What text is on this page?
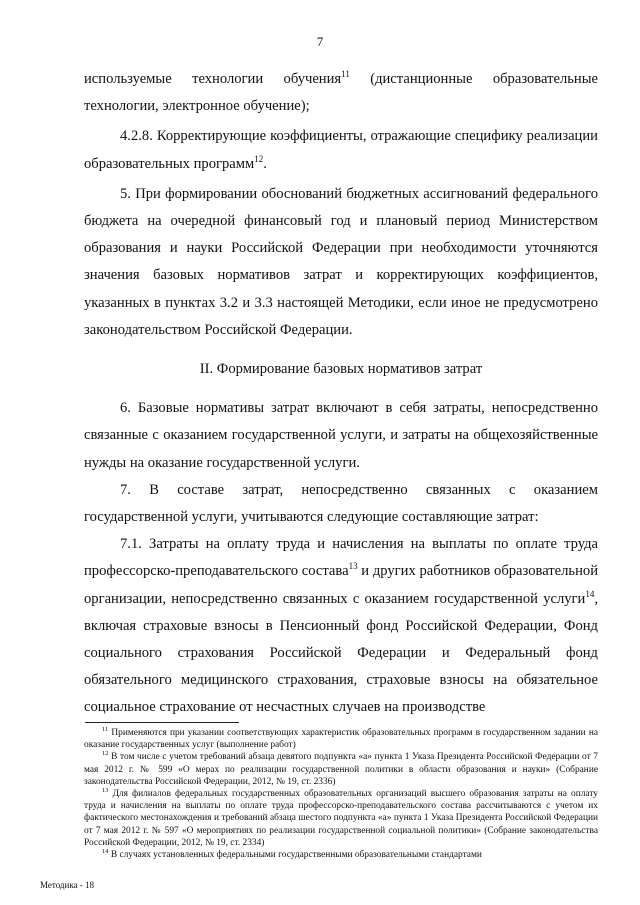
7

используемые технологии обучения$^{11}$ (дистанционные образовательные технологии, электронное обучение);

4.2.8. Корректирующие коэффициенты, отражающие специфику реализации образовательных программ$^{12}$.

5. При формировании обоснований бюджетных ассигнований федерального бюджета на очередной финансовый год и плановый период Министерством образования и науки Российской Федерации при необходимости уточняются значения базовых нормативов затрат и корректирующих коэффициентов, указанных в пунктах 3.2 и 3.3 настоящей Методики, если иное не предусмотрено законодательством Российской Федерации.

II. Формирование базовых нормативов затрат

6. Базовые нормативы затрат включают в себя затраты, непосредственно связанные с оказанием государственной услуги, и затраты на общехозяйственные нужды на оказание государственной услуги.

7. В составе затрат, непосредственно связанных с оказанием государственной услуги, учитываются следующие составляющие затрат:

7.1. Затраты на оплату труда и начисления на выплаты по оплате труда профессорско-преподавательского состава$^{13}$ и других работников образовательной организации, непосредственно связанных с оказанием государственной услуги$^{14}$, включая страховые взносы в Пенсионный фонд Российской Федерации, Фонд социального страхования Российской Федерации и Федеральный фонд обязательного медицинского страхования, страховые взносы на обязательное социальное страхование от несчастных случаев на производстве

$^{11}$ Применяются при указании соответствующих характеристик образовательных программ в государственном задании на оказание государственных услуг (выполнение работ)

$^{12}$ В том числе с учетом требований абзаца девятого подпункта «а» пункта 1 Указа Президента Российской Федерации от 7 мая 2012 г. № 599 «О мерах по реализации государственной политики в области образования и науки» (Собрание законодательства Российской Федерации, 2012, № 19, ст. 2336)

$^{13}$ Для филиалов федеральных государственных образовательных организаций высшего образования затраты на оплату труда и начисления на выплаты по оплате труда профессорско-преподавательского состава рассчитываются с учетом их фактического местонахождения и требований абзаца шестого подпункта «а» пункта 1 Указа Президента Российской Федерации от 7 мая 2012 г. № 597 «О мероприятиях по реализации государственной социальной политики» (Собрание законодательства Российской Федерации, 2012, № 19, ст. 2334)

$^{14}$ В случаях установленных федеральными государственными образовательными стандартами

Методика - 18
